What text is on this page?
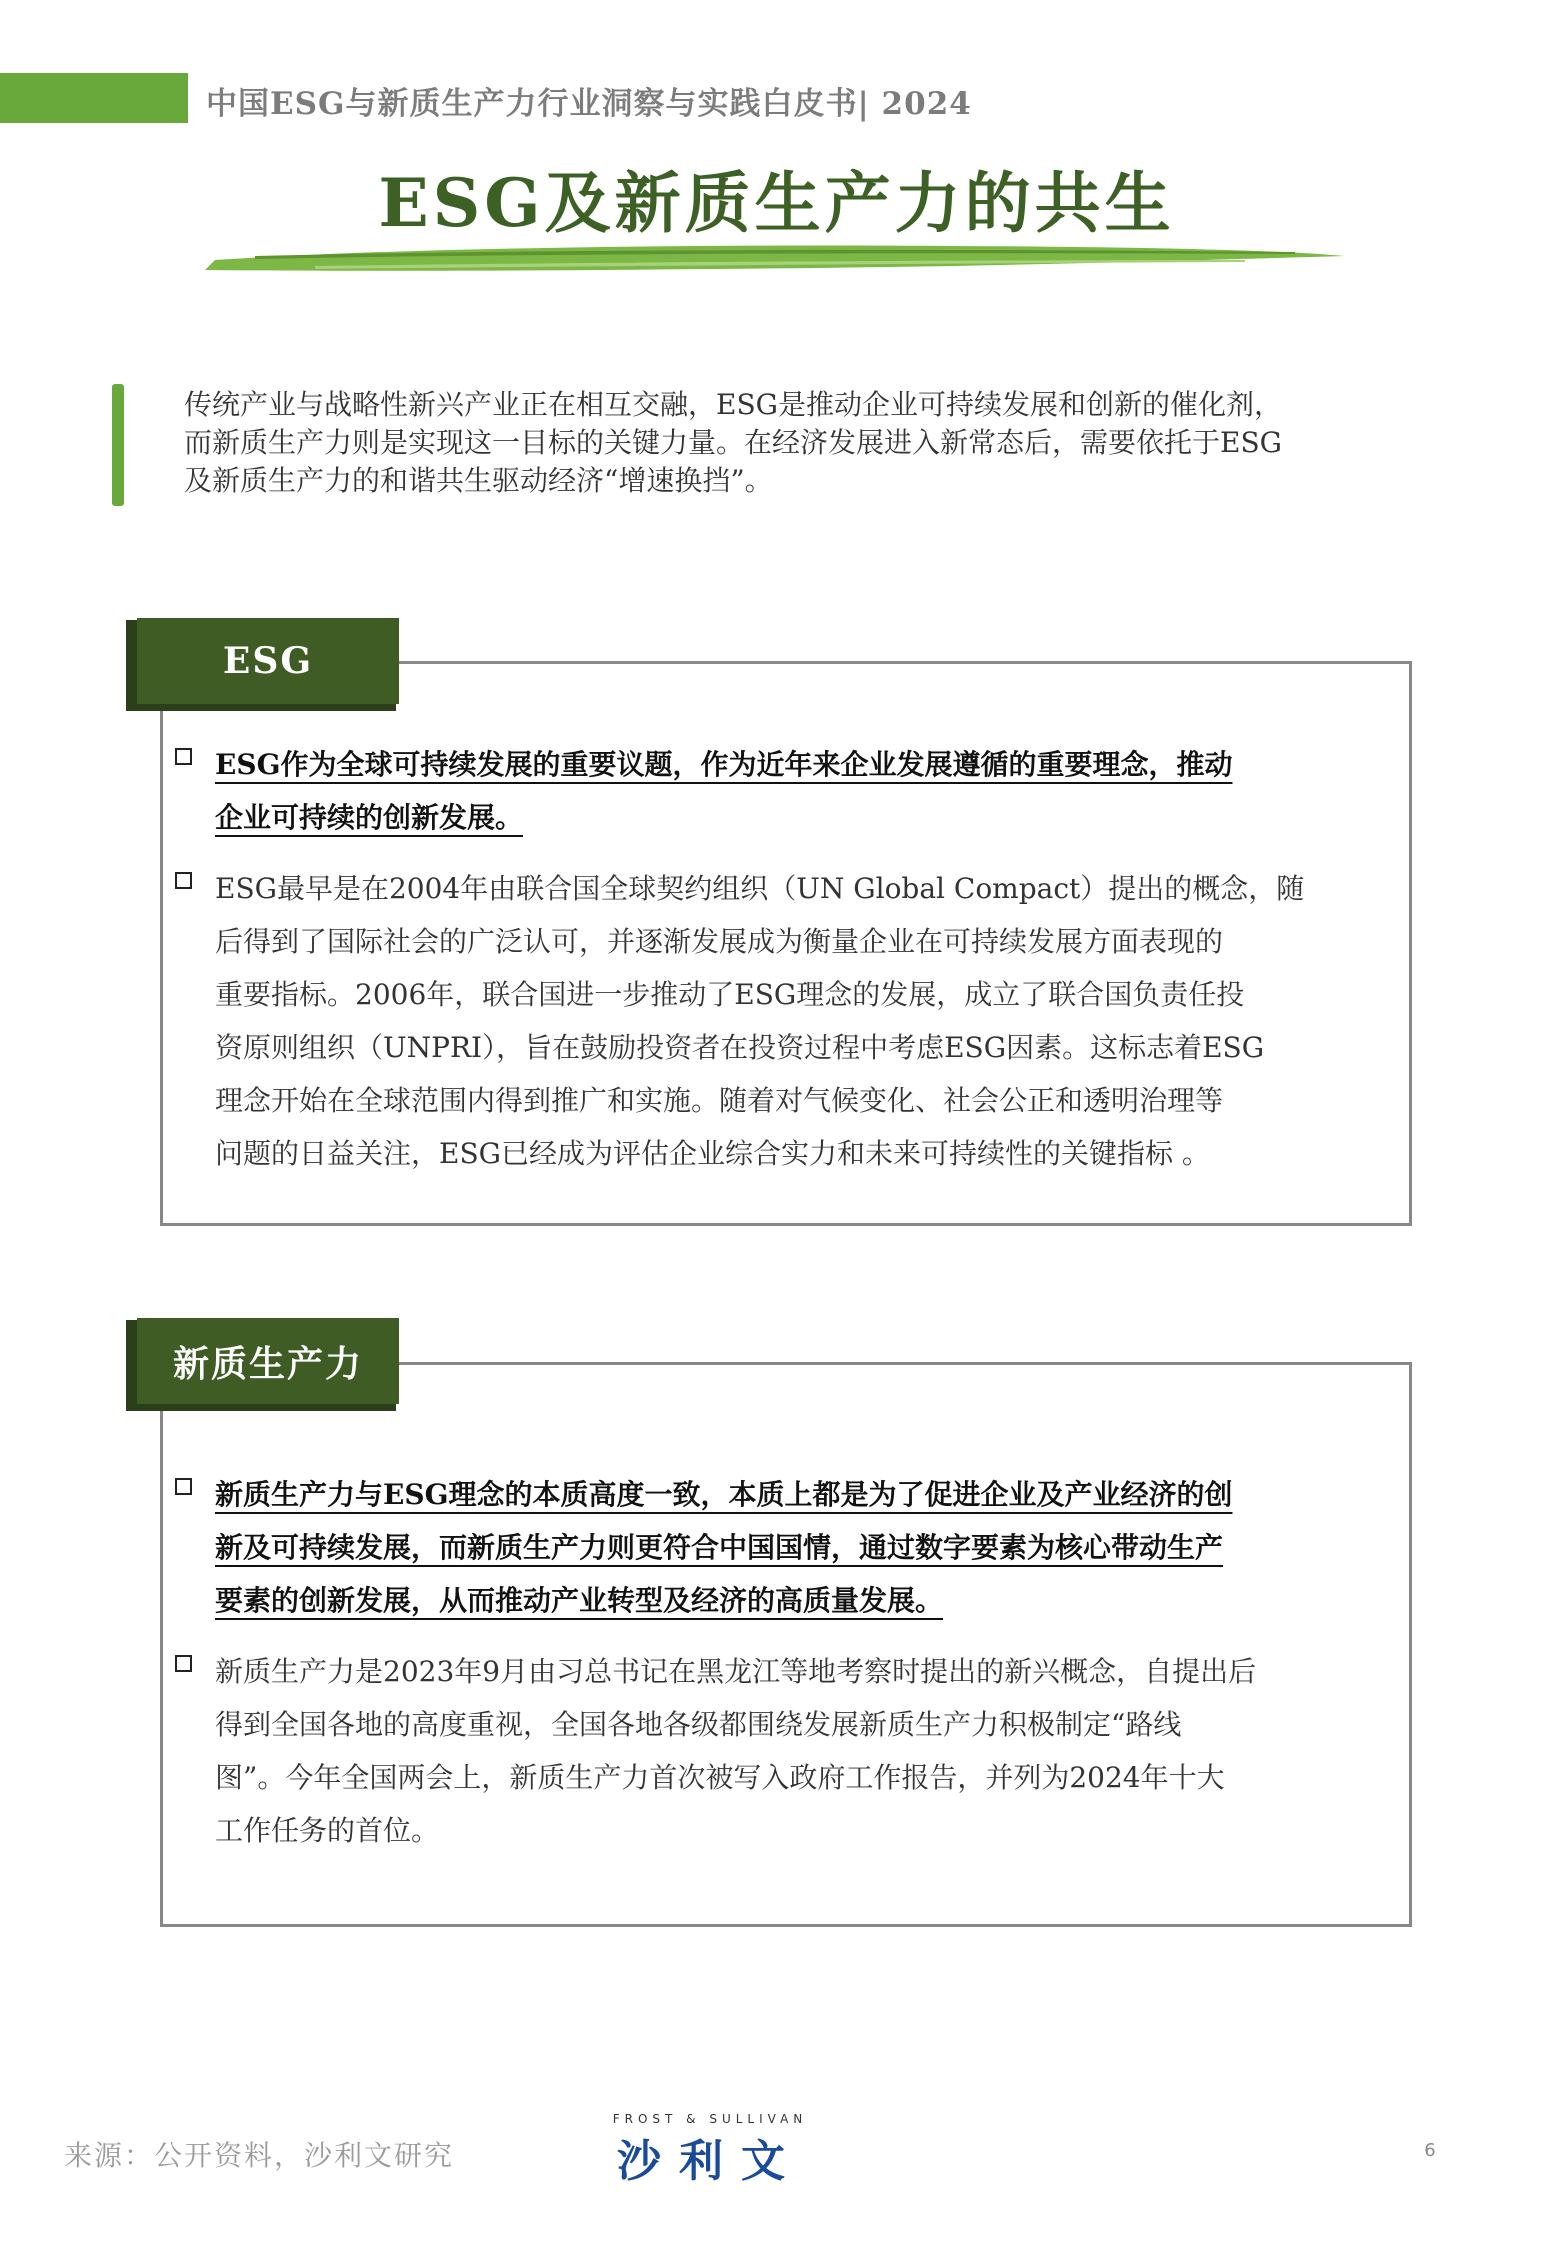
中国ESG与新质生产力行业洞察与实践白皮书| 2024
ESG及新质生产力的共生
传统产业与战略性新兴产业正在相互交融，ESG是推动企业可持续发展和创新的催化剂，
而新质生产力则是实现这一目标的关键力量。在经济发展进入新常态后，需要依托于ESG
及新质生产力的和谐共生驱动经济“增速换挡”。
ESG
ESG作为全球可持续发展的重要议题，作为近年来企业发展遵循的重要理念，推动
企业可持续的创新发展。
ESG最早是在2004年由联合国全球契约组织（UN Global Compact）提出的概念，随
后得到了国际社会的广泛认可，并逐渐发展成为衡量企业在可持续发展方面表现的
重要指标。2006年，联合国进一步推动了ESG理念的发展，成立了联合国负责任投
资原则组织（UNPRI），旨在鼓励投资者在投资过程中考虑ESG因素。这标志着ESG
理念开始在全球范围内得到推广和实施。随着对气候变化、社会公正和透明治理等
问题的日益关注，ESG已经成为评估企业综合实力和未来可持续性的关键指标 。
新质生产力
新质生产力与ESG理念的本质高度一致，本质上都是为了促进企业及产业经济的创
新及可持续发展，而新质生产力则更符合中国国情，通过数字要素为核心带动生产
要素的创新发展，从而推动产业转型及经济的高质量发展。
新质生产力是2023年9月由习总书记在黑龙江等地考察时提出的新兴概念，自提出后
得到全国各地的高度重视，全国各地各级都围绕发展新质生产力积极制定“路线
图”。今年全国两会上，新质生产力首次被写入政府工作报告，并列为2024年十大
工作任务的首位。
来源：公开资料，沙利文研究
FROST & SULLIVAN
沙利文	6
